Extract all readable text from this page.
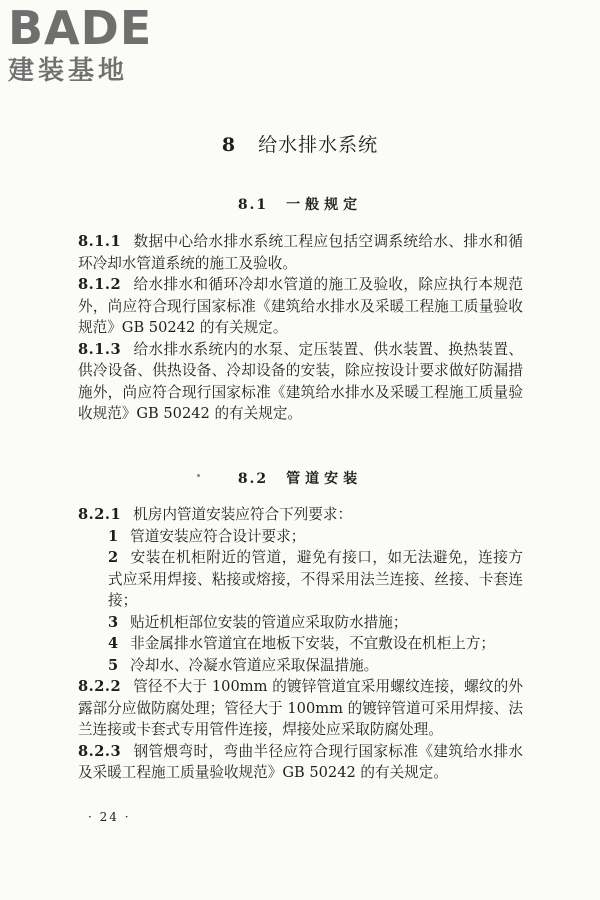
BADE
建装基地
8 给水排水系统
8.1 一般规定

8.1.1 数据中心给水排水系统工程应包括空调系统给水、排水和循环冷却水管道系统的施工及验收。

8.1.2 给水排水和循环冷却水管道的施工及验收，除应执行本规范外，尚应符合现行国家标准《建筑给水排水及采暖工程施工质量验收规范》GB 50242 的有关规定。

8.1.3 给水排水系统内的水泵、定压装置、供水装置、换热装置、供冷设备、供热设备、冷却设备的安装，除应按设计要求做好防漏措施外，尚应符合现行国家标准《建筑给水排水及采暖工程施工质量验收规范》GB 50242 的有关规定。

8.2 管道安装

8.2.1 机房内管道安装应符合下列要求：

1 管道安装应符合设计要求；

2 安装在机柜附近的管道，避免有接口，如无法避免，连接方式应采用焊接、粘接或熔接，不得采用法兰连接、丝接、卡套连接；

3 贴近机柜部位安装的管道应采取防水措施；

4 非金属排水管道宜在地板下安装，不宜敷设在机柜上方；

5 冷却水、冷凝水管道应采取保温措施。

8.2.2 管径不大于 100mm 的镀锌管道宜采用螺纹连接，螺纹的外露部分应做防腐处理；管径大于 100mm 的镀锌管道可采用焊接、法兰连接或卡套式专用管件连接，焊接处应采取防腐处理。

8.2.3 钢管煨弯时，弯曲半径应符合现行国家标准《建筑给水排水及采暖工程施工质量验收规范》GB 50242 的有关规定。

· 24 ·
